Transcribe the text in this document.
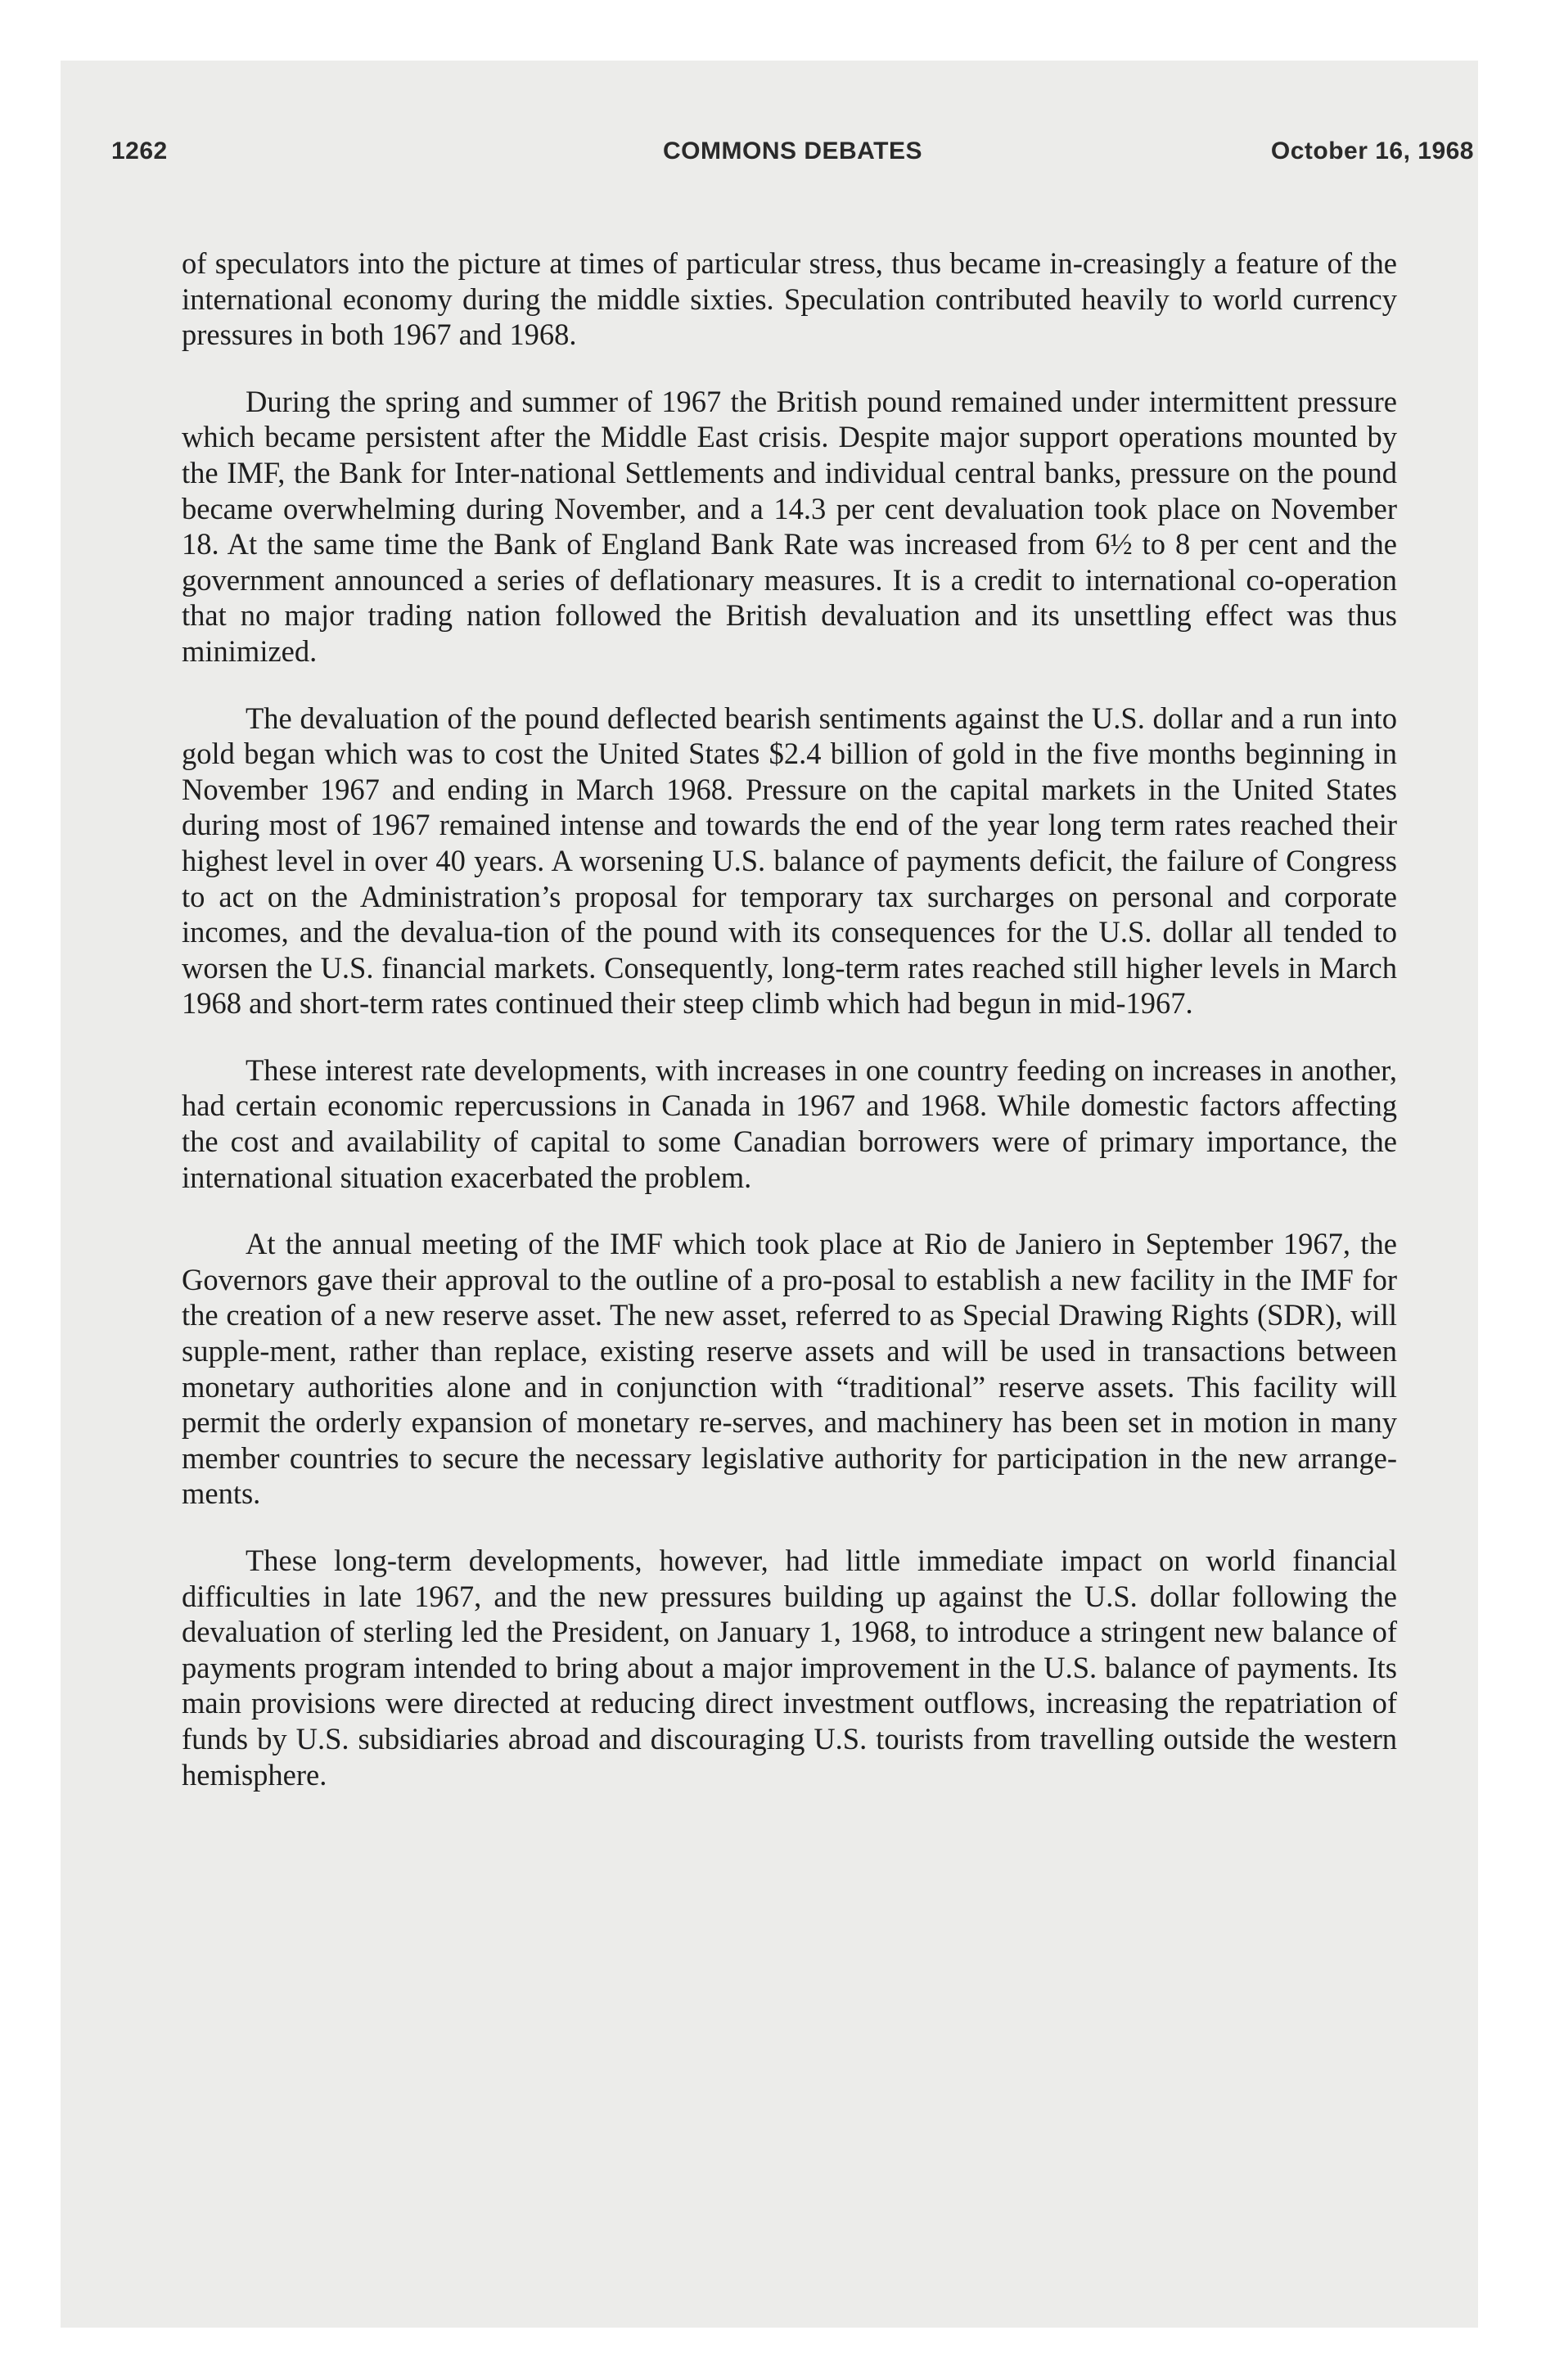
1262	COMMONS DEBATES	October 16, 1968

of speculators into the picture at times of particular stress, thus became in-creasingly a feature of the international economy during the middle sixties. Speculation contributed heavily to world currency pressures in both 1967 and 1968.

During the spring and summer of 1967 the British pound remained under intermittent pressure which became persistent after the Middle East crisis. Despite major support operations mounted by the IMF, the Bank for Inter-national Settlements and individual central banks, pressure on the pound became overwhelming during November, and a 14.3 per cent devaluation took place on November 18. At the same time the Bank of England Bank Rate was increased from 6½ to 8 per cent and the government announced a series of deflationary measures. It is a credit to international co-operation that no major trading nation followed the British devaluation and its unsettling effect was thus minimized.

The devaluation of the pound deflected bearish sentiments against the U.S. dollar and a run into gold began which was to cost the United States $2.4 billion of gold in the five months beginning in November 1967 and ending in March 1968. Pressure on the capital markets in the United States during most of 1967 remained intense and towards the end of the year long term rates reached their highest level in over 40 years. A worsening U.S. balance of payments deficit, the failure of Congress to act on the Administration’s proposal for temporary tax surcharges on personal and corporate incomes, and the devalua-tion of the pound with its consequences for the U.S. dollar all tended to worsen the U.S. financial markets. Consequently, long-term rates reached still higher levels in March 1968 and short-term rates continued their steep climb which had begun in mid-1967.

These interest rate developments, with increases in one country feeding on increases in another, had certain economic repercussions in Canada in 1967 and 1968. While domestic factors affecting the cost and availability of capital to some Canadian borrowers were of primary importance, the international situation exacerbated the problem.

At the annual meeting of the IMF which took place at Rio de Janiero in September 1967, the Governors gave their approval to the outline of a pro-posal to establish a new facility in the IMF for the creation of a new reserve asset. The new asset, referred to as Special Drawing Rights (SDR), will supple-ment, rather than replace, existing reserve assets and will be used in transactions between monetary authorities alone and in conjunction with “traditional” reserve assets. This facility will permit the orderly expansion of monetary re-serves, and machinery has been set in motion in many member countries to secure the necessary legislative authority for participation in the new arrange-ments.

These long-term developments, however, had little immediate impact on world financial difficulties in late 1967, and the new pressures building up against the U.S. dollar following the devaluation of sterling led the President, on January 1, 1968, to introduce a stringent new balance of payments program intended to bring about a major improvement in the U.S. balance of payments. Its main provisions were directed at reducing direct investment outflows, increasing the repatriation of funds by U.S. subsidiaries abroad and discouraging U.S. tourists from travelling outside the western hemisphere.
